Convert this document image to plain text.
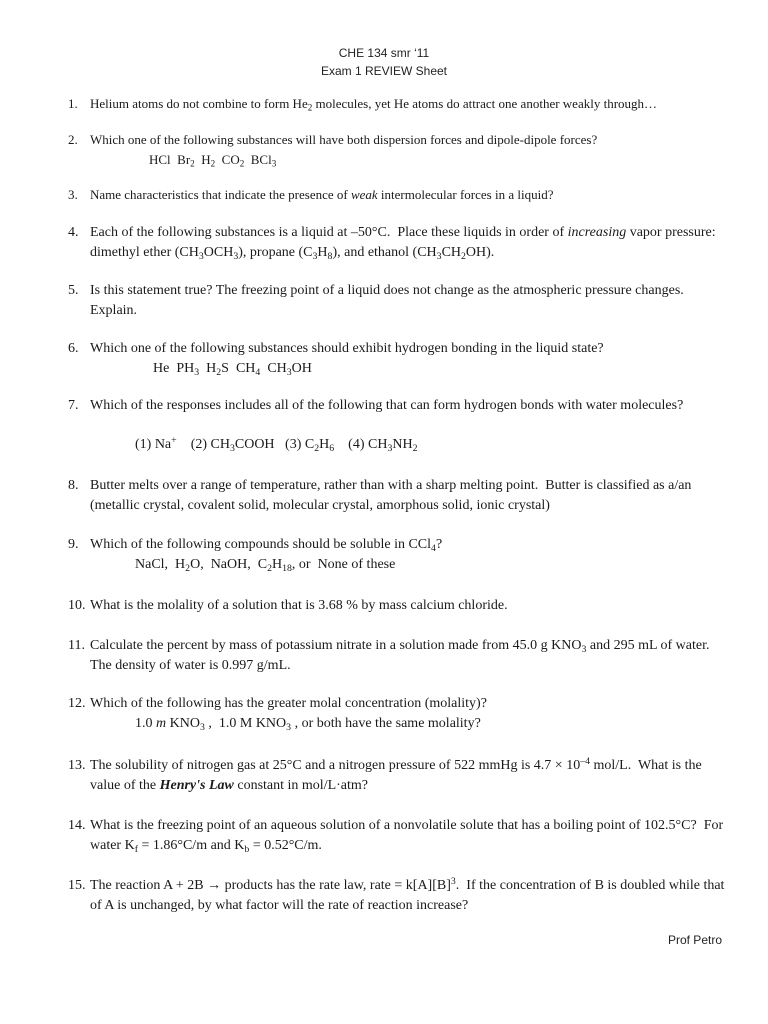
CHE 134 smr ‘11
Exam 1 REVIEW Sheet
1. Helium atoms do not combine to form $He_2$ molecules, yet He atoms do attract one another weakly through…
2. Which one of the following substances will have both dispersion forces and dipole-dipole forces?
HCl  $Br_2$  $H_2$  $CO_2$  BCl$_3$
3. Name characteristics that indicate the presence of weak intermolecular forces in a liquid?
4. Each of the following substances is a liquid at –50°C.  Place these liquids in order of increasing vapor pressure: dimethyl ether $(CH_3OCH_3)$, propane $(C_3H_8)$, and ethanol $(CH_3CH_2OH)$.
5. Is this statement true? The freezing point of a liquid does not change as the atmospheric pressure changes. Explain.
6. Which one of the following substances should exhibit hydrogen bonding in the liquid state?
He  $PH_3$  $H_2S$  $CH_4$  $CH_3OH$
7. Which of the responses includes all of the following that can form hydrogen bonds with water molecules?
(1) Na+    (2) $CH_3COOH$   (3) $C_2H_6$    (4) $CH_3NH_2$
8. Butter melts over a range of temperature, rather than with a sharp melting point.  Butter is classified as a/an (metallic crystal, covalent solid, molecular crystal, amorphous solid, ionic crystal)
9. Which of the following compounds should be soluble in CCl$_4$?
NaCl,  $H_2O$,  NaOH,  $C_2H_{18}$, or  None of these
10. What is the molality of a solution that is 3.68 % by mass calcium chloride.
11. Calculate the percent by mass of potassium nitrate in a solution made from 45.0 g $KNO_3$ and 295 mL of water.  The density of water is 0.997 g/mL.
12. Which of the following has the greater molal concentration (molality)?
1.0 m $KNO_3$ ,  1.0 M $KNO_3$ , or both have the same molality?
13. The solubility of nitrogen gas at 25°C and a nitrogen pressure of 522 mmHg is $4.7 \times 10^{-4}$ mol/L.  What is the value of the Henry's Law constant in mol/L·atm?
14. What is the freezing point of an aqueous solution of a nonvolatile solute that has a boiling point of 102.5°C?  For water $K_f = 1.86^\circ C/m$ and $K_b = 0.52^\circ C/m$.
15. The reaction A + 2B → products has the rate law, rate = $k[A][B]^3$.  If the concentration of B is doubled while that of A is unchanged, by what factor will the rate of reaction increase?
Prof Petro
